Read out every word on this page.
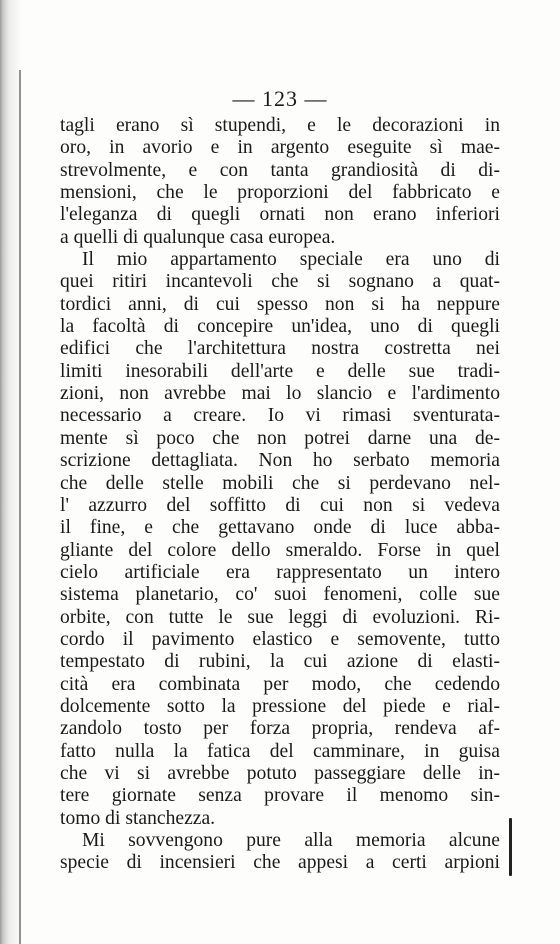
— 123 —
tagli erano sì stupendi, e le decorazioni in
oro, in avorio e in argento eseguite sì mae-
strevolmente, e con tanta grandiosità di di-
mensioni, che le proporzioni del fabbricato e
l'eleganza di quegli ornati non erano inferiori
a quelli di qualunque casa europea.
Il mio appartamento speciale era uno di
quei ritiri incantevoli che si sognano a quat-
tordici anni, di cui spesso non si ha neppure
la facoltà di concepire un'idea, uno di quegli
edifici che l'architettura nostra costretta nei
limiti inesorabili dell'arte e delle sue tradi-
zioni, non avrebbe mai lo slancio e l'ardimento
necessario a creare. Io vi rimasi sventurata-
mente sì poco che non potrei darne una de-
scrizione dettagliata. Non ho serbato memoria
che delle stelle mobili che si perdevano nel-
l' azzurro del soffitto di cui non si vedeva
il fine, e che gettavano onde di luce abba-
gliante del colore dello smeraldo. Forse in quel
cielo artificiale era rappresentato un intero
sistema planetario, co' suoi fenomeni, colle sue
orbite, con tutte le sue leggi di evoluzioni. Ri-
cordo il pavimento elastico e semovente, tutto
tempestato di rubini, la cui azione di elasti-
cità era combinata per modo, che cedendo
dolcemente sotto la pressione del piede e rial-
zandolo tosto per forza propria, rendeva af-
fatto nulla la fatica del camminare, in guisa
che vi si avrebbe potuto passeggiare delle in-
tere giornate senza provare il menomo sin-
tomo di stanchezza.
Mi sovvengono pure alla memoria alcune
specie di incensieri che appesi a certi arpioni
